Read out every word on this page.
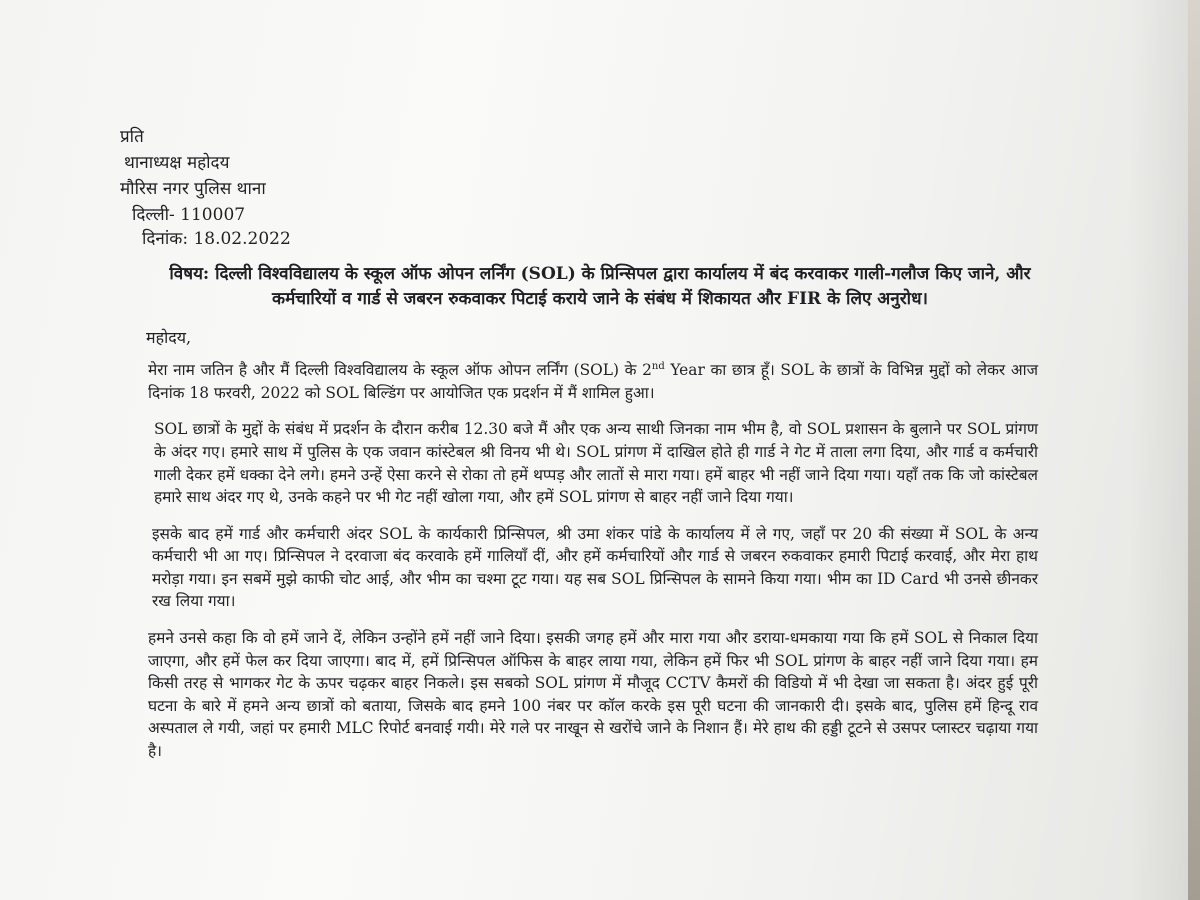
प्रति
थानाध्यक्ष महोदय
मौरिस नगर पुलिस थाना
दिल्ली- 110007
दिनांक: 18.02.2022
विषय: दिल्ली विश्वविद्यालय के स्कूल ऑफ ओपन लर्निंग (SOL) के प्रिन्सिपल द्वारा कार्यालय में बंद करवाकर गाली-गलौज किए जाने, और कर्मचारियों व गार्ड से जबरन रुकवाकर पिटाई कराये जाने के संबंध में शिकायत और FIR के लिए अनुरोध।
महोदय,

मेरा नाम जतिन है और मैं दिल्ली विश्वविद्यालय के स्कूल ऑफ ओपन लर्निंग (SOL) के 2nd Year का छात्र हूँ। SOL के छात्रों के विभिन्न मुद्दों को लेकर आज दिनांक 18 फरवरी, 2022 को SOL बिल्डिंग पर आयोजित एक प्रदर्शन में मैं शामिल हुआ।

SOL छात्रों के मुद्दों के संबंध में प्रदर्शन के दौरान करीब 12.30 बजे मैं और एक अन्य साथी जिनका नाम भीम है, वो SOL प्रशासन के बुलाने पर SOL प्रांगण के अंदर गए। हमारे साथ में पुलिस के एक जवान कांस्टेबल श्री विनय भी थे। SOL प्रांगण में दाखिल होते ही गार्ड ने गेट में ताला लगा दिया, और गार्ड व कर्मचारी गाली देकर हमें धक्का देने लगे। हमने उन्हें ऐसा करने से रोका तो हमें थप्पड़ और लातों से मारा गया। हमें बाहर भी नहीं जाने दिया गया। यहाँ तक कि जो कांस्टेबल हमारे साथ अंदर गए थे, उनके कहने पर भी गेट नहीं खोला गया, और हमें SOL प्रांगण से बाहर नहीं जाने दिया गया।

इसके बाद हमें गार्ड और कर्मचारी अंदर SOL के कार्यकारी प्रिन्सिपल, श्री उमा शंकर पांडे के कार्यालय में ले गए, जहाँ पर 20 की संख्या में SOL के अन्य कर्मचारी भी आ गए। प्रिन्सिपल ने दरवाजा बंद करवाके हमें गालियाँ दीं, और हमें कर्मचारियों और गार्ड से जबरन रुकवाकर हमारी पिटाई करवाई, और मेरा हाथ मरोड़ा गया। इन सबमें मुझे काफी चोट आई, और भीम का चश्मा टूट गया। यह सब SOL प्रिन्सिपल के सामने किया गया। भीम का ID Card भी उनसे छीनकर रख लिया गया।

हमने उनसे कहा कि वो हमें जाने दें, लेकिन उन्होंने हमें नहीं जाने दिया। इसकी जगह हमें और मारा गया और डराया-धमकाया गया कि हमें SOL से निकाल दिया जाएगा, और हमें फेल कर दिया जाएगा। बाद में, हमें प्रिन्सिपल ऑफिस के बाहर लाया गया, लेकिन हमें फिर भी SOL प्रांगण के बाहर नहीं जाने दिया गया। हम किसी तरह से भागकर गेट के ऊपर चढ़कर बाहर निकले। इस सबको SOL प्रांगण में मौजूद CCTV कैमरों की विडियो में भी देखा जा सकता है। अंदर हुई पूरी घटना के बारे में हमने अन्य छात्रों को बताया, जिसके बाद हमने 100 नंबर पर कॉल करके इस पूरी घटना की जानकारी दी। इसके बाद, पुलिस हमें हिन्दू राव अस्पताल ले गयी, जहां पर हमारी MLC रिपोर्ट बनवाई गयी। मेरे गले पर नाखून से खरोंचे जाने के निशान हैं। मेरे हाथ की हड्डी टूटने से उसपर प्लास्टर चढ़ाया गया है।
